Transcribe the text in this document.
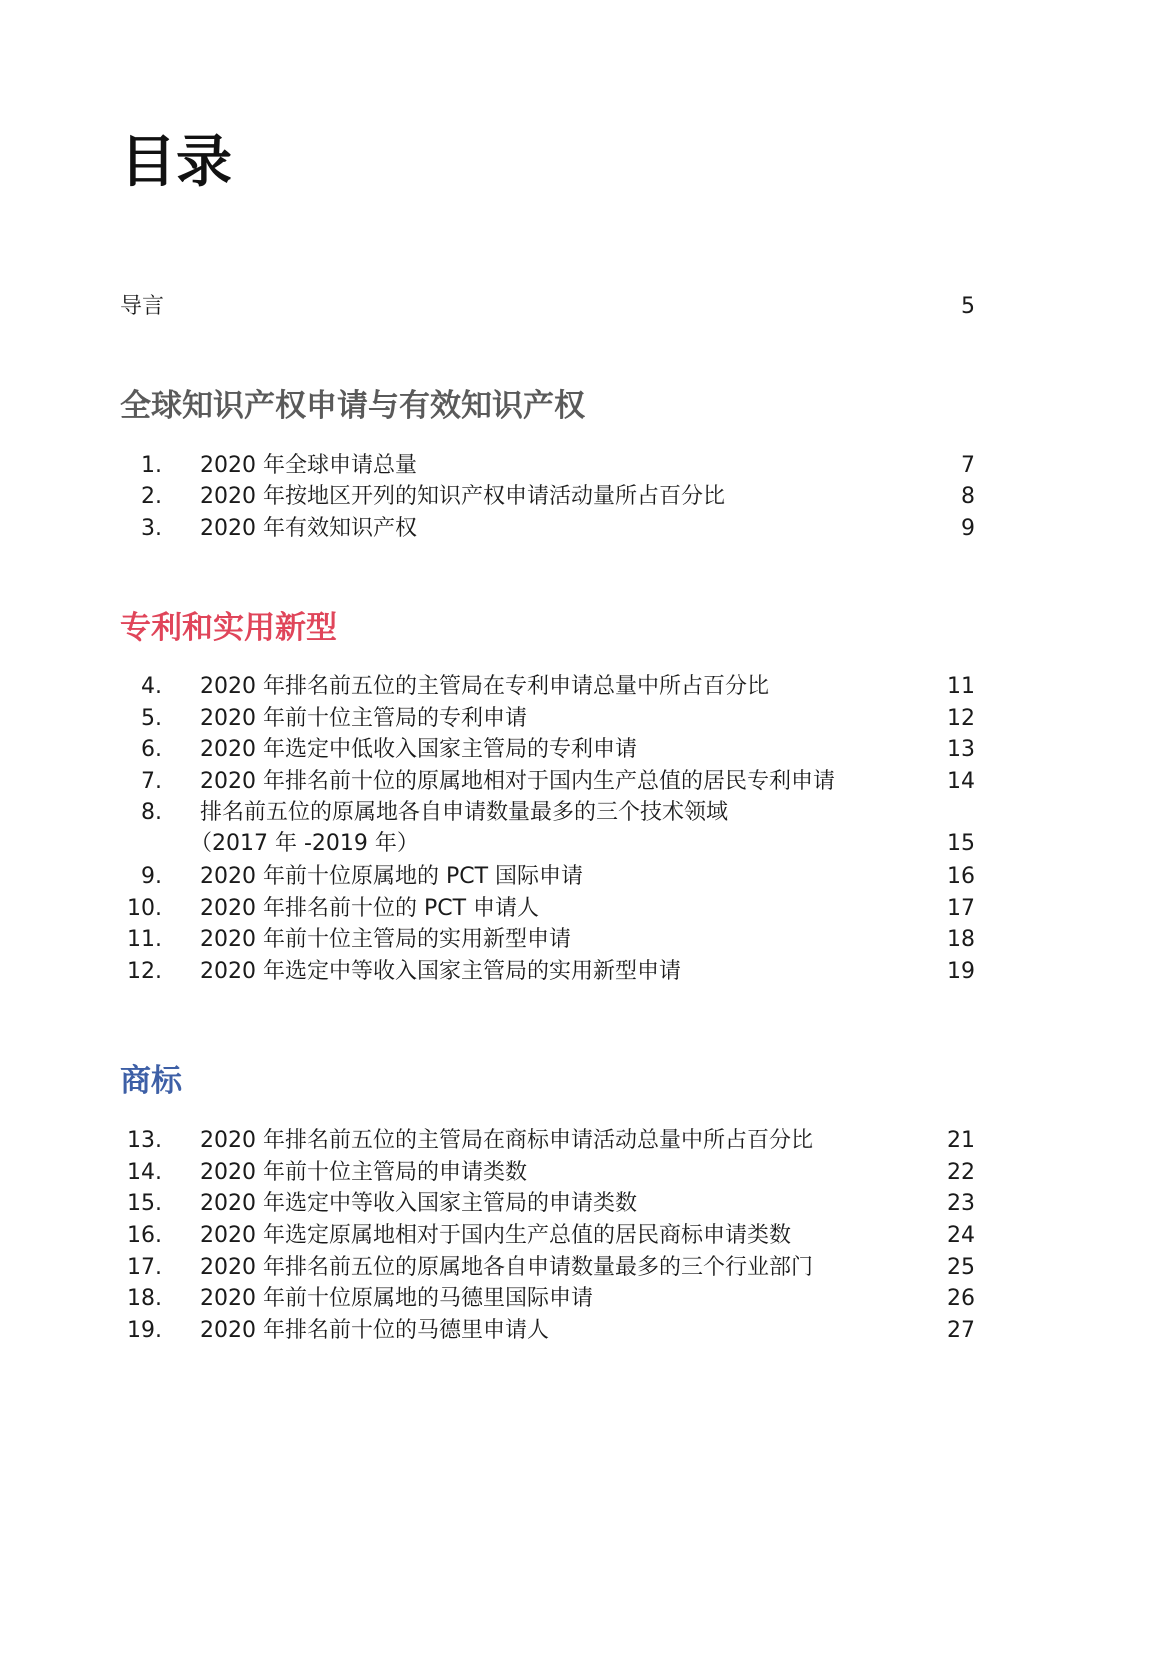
目录
导言	5
全球知识产权申请与有效知识产权
1. 2020 年全球申请总量	7
2. 2020 年按地区开列的知识产权申请活动量所占百分比	8
3. 2020 年有效知识产权	9
专利和实用新型
4. 2020 年排名前五位的主管局在专利申请总量中所占百分比	11
5. 2020 年前十位主管局的专利申请	12
6. 2020 年选定中低收入国家主管局的专利申请	13
7. 2020 年排名前十位的原属地相对于国内生产总值的居民专利申请	14
8. 排名前五位的原属地各自申请数量最多的三个技术领域
（2017 年 -2019 年）	15
9. 2020 年前十位原属地的 PCT 国际申请	16
10. 2020 年排名前十位的 PCT 申请人	17
11. 2020 年前十位主管局的实用新型申请	18
12. 2020 年选定中等收入国家主管局的实用新型申请	19
商标
13. 2020 年排名前五位的主管局在商标申请活动总量中所占百分比	21
14. 2020 年前十位主管局的申请类数	22
15. 2020 年选定中等收入国家主管局的申请类数	23
16. 2020 年选定原属地相对于国内生产总值的居民商标申请类数	24
17. 2020 年排名前五位的原属地各自申请数量最多的三个行业部门	25
18. 2020 年前十位原属地的马德里国际申请	26
19. 2020 年排名前十位的马德里申请人	27
